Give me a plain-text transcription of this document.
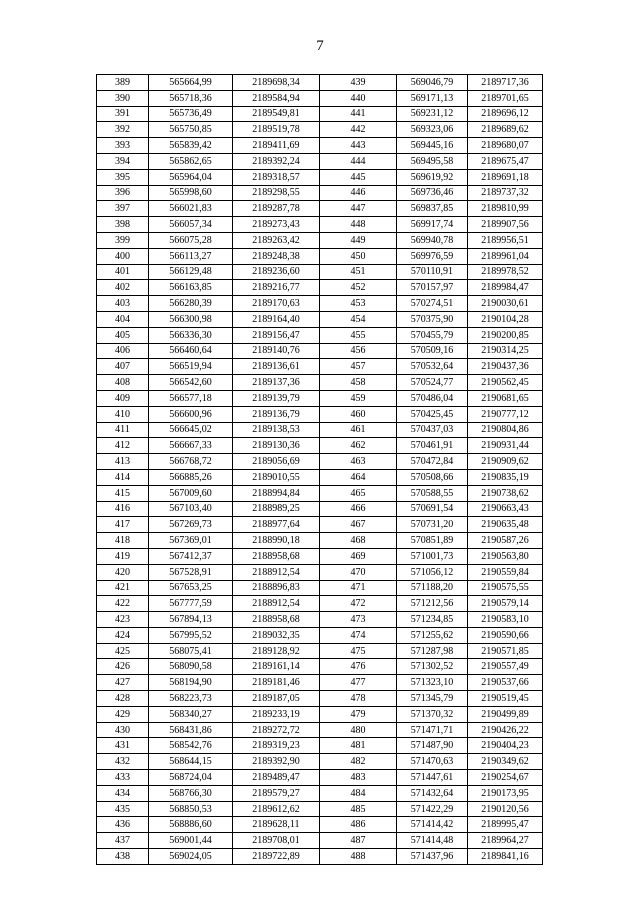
7
389	565664,99	2189698,34	439	569046,79	2189717,36
390	565718,36	2189584,94	440	569171,13	2189701,65
391	565736,49	2189549,81	441	569231,12	2189696,12
392	565750,85	2189519,78	442	569323,06	2189689,62
393	565839,42	2189411,69	443	569445,16	2189680,07
394	565862,65	2189392,24	444	569495,58	2189675,47
395	565964,04	2189318,57	445	569619,92	2189691,18
396	565998,60	2189298,55	446	569736,46	2189737,32
397	566021,83	2189287,78	447	569837,85	2189810,99
398	566057,34	2189273,43	448	569917,74	2189907,56
399	566075,28	2189263,42	449	569940,78	2189956,51
400	566113,27	2189248,38	450	569976,59	2189961,04
401	566129,48	2189236,60	451	570110,91	2189978,52
402	566163,85	2189216,77	452	570157,97	2189984,47
403	566280,39	2189170,63	453	570274,51	2190030,61
404	566300,98	2189164,40	454	570375,90	2190104,28
405	566336,30	2189156,47	455	570455,79	2190200,85
406	566460,64	2189140,76	456	570509,16	2190314,25
407	566519,94	2189136,61	457	570532,64	2190437,36
408	566542,60	2189137,36	458	570524,77	2190562,45
409	566577,18	2189139,79	459	570486,04	2190681,65
410	566600,96	2189136,79	460	570425,45	2190777,12
411	566645,02	2189138,53	461	570437,03	2190804,86
412	566667,33	2189130,36	462	570461,91	2190931,44
413	566768,72	2189056,69	463	570472,84	2190909,62
414	566885,26	2189010,55	464	570508,66	2190835,19
415	567009,60	2188994,84	465	570588,55	2190738,62
416	567103,40	2188989,25	466	570691,54	2190663,43
417	567269,73	2188977,64	467	570731,20	2190635,48
418	567369,01	2188990,18	468	570851,89	2190587,26
419	567412,37	2188958,68	469	571001,73	2190563,80
420	567528,91	2188912,54	470	571056,12	2190559,84
421	567653,25	2188896,83	471	571188,20	2190575,55
422	567777,59	2188912,54	472	571212,56	2190579,14
423	567894,13	2188958,68	473	571234,85	2190583,10
424	567995,52	2189032,35	474	571255,62	2190590,66
425	568075,41	2189128,92	475	571287,98	2190571,85
426	568090,58	2189161,14	476	571302,52	2190557,49
427	568194,90	2189181,46	477	571323,10	2190537,66
428	568223,73	2189187,05	478	571345,79	2190519,45
429	568340,27	2189233,19	479	571370,32	2190499,89
430	568431,86	2189272,72	480	571471,71	2190426,22
431	568542,76	2189319,23	481	571487,90	2190404,23
432	568644,15	2189392,90	482	571470,63	2190349,62
433	568724,04	2189489,47	483	571447,61	2190254,67
434	568766,30	2189579,27	484	571432,64	2190173,95
435	568850,53	2189612,62	485	571422,29	2190120,56
436	568886,60	2189628,11	486	571414,42	2189995,47
437	569001,44	2189708,01	487	571414,48	2189964,27
438	569024,05	2189722,89	488	571437,96	2189841,16
